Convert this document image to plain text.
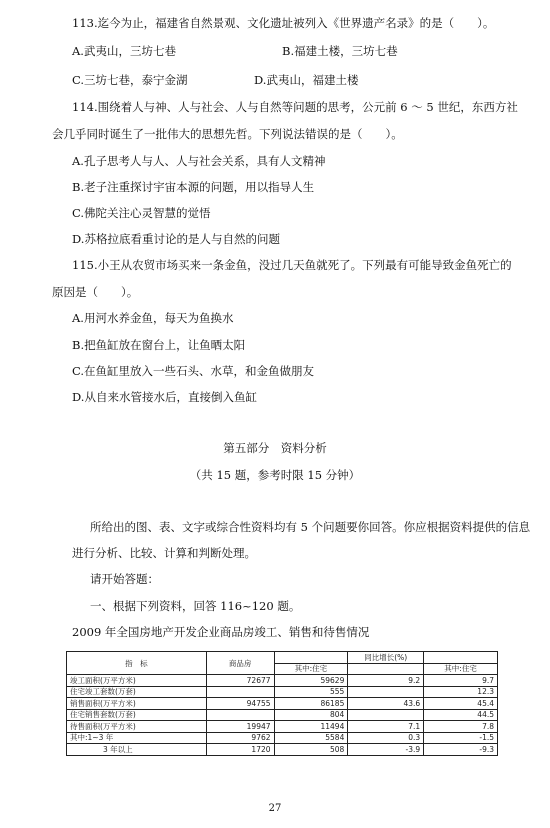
113.迄今为止，福建省自然景观、文化遗址被列入《世界遗产名录》的是（　　）。
A.武夷山，三坊七巷	B.福建土楼，三坊七巷
C.三坊七巷，泰宁金湖	D.武夷山，福建土楼
114.围绕着人与神、人与社会、人与自然等问题的思考，公元前 6 ～ 5 世纪，东西方社
会几乎同时诞生了一批伟大的思想先哲。下列说法错误的是（　　）。
A.孔子思考人与人、人与社会关系，具有人文精神
B.老子注重探讨宇宙本源的问题，用以指导人生
C.佛陀关注心灵智慧的觉悟
D.苏格拉底看重讨论的是人与自然的问题
115.小王从农贸市场买来一条金鱼，没过几天鱼就死了。下列最有可能导致金鱼死亡的
原因是（　　）。
A.用河水养金鱼，每天为鱼换水
B.把鱼缸放在窗台上，让鱼晒太阳
C.在鱼缸里放入一些石头、水草，和金鱼做朋友
D.从自来水管接水后，直接倒入鱼缸
第五部分　资料分析
（共 15 题，参考时限 15 分钟）
所给出的图、表、文字或综合性资料均有 5 个问题要你回答。你应根据资料提供的信息
进行分析、比较、计算和判断处理。
请开始答题：
一、根据下列资料，回答 116~120 题。
2009 年全国房地产开发企业商品房竣工、销售和待售情况
指　标	商品房		同比增长(%)	
		其中:住宅		其中:住宅
竣工面积(万平方米)	72677	59629	9.2	9.7
住宅竣工套数(万套)		555		12.3
销售面积(万平方米)	94755	86185	43.6	45.4
住宅销售套数(万套)		804		44.5
待售面积(万平方米)	19947	11494	7.1	7.8
其中:1~3 年	9762	5584	0.3	-1.5
3 年以上	1720	508	-3.9	-9.3
27
